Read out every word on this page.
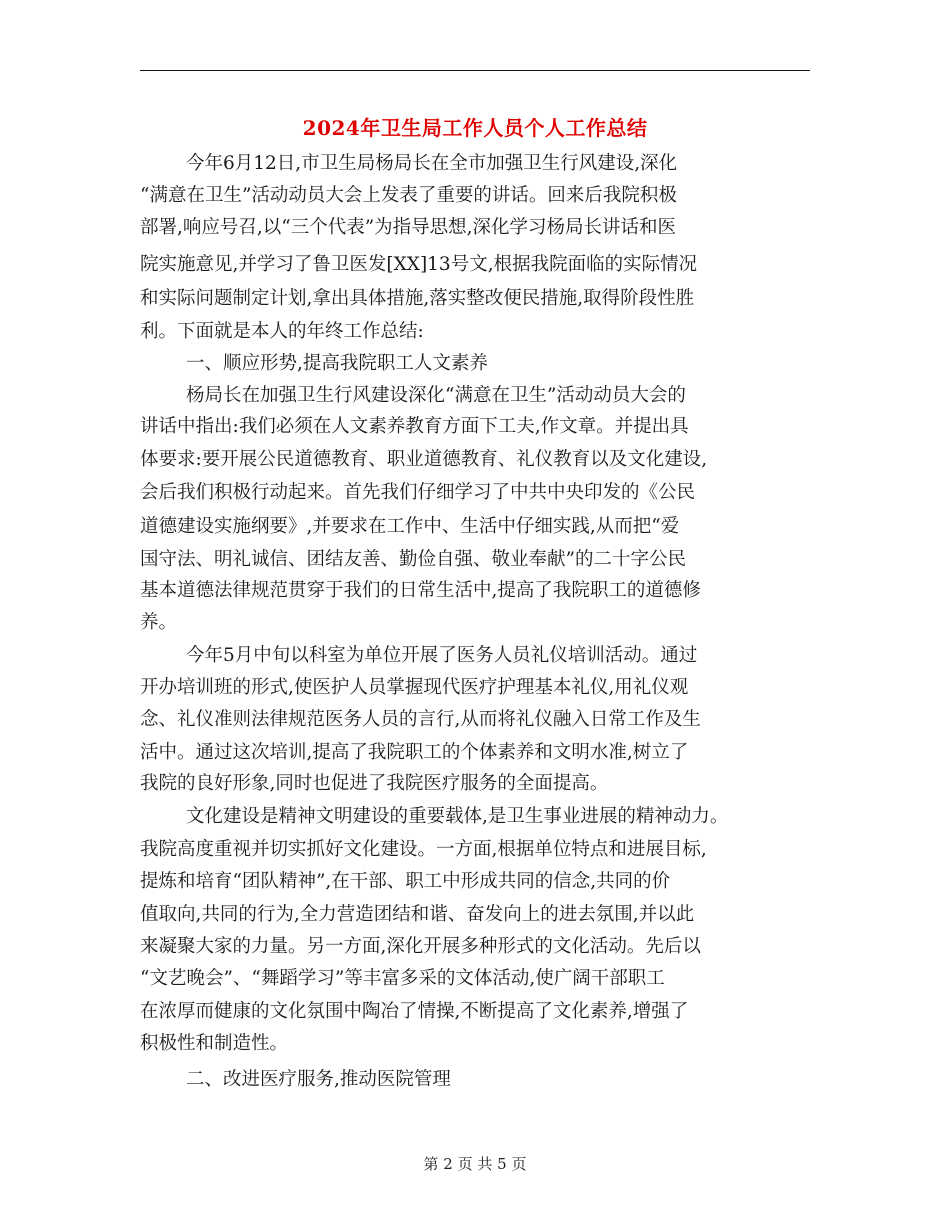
2024年卫生局工作人员个人工作总结
今年6月12日,市卫生局杨局长在全市加强卫生行风建设,深化
“满意在卫生”活动动员大会上发表了重要的讲话。回来后我院积极
部署,响应号召,以“三个代表”为指导思想,深化学习杨局长讲话和医
院实施意见,并学习了鲁卫医发[XX]13号文,根据我院面临的实际情况
和实际问题制定计划,拿出具体措施,落实整改便民措施,取得阶段性胜
利。下面就是本人的年终工作总结:
一、顺应形势,提高我院职工人文素养
杨局长在加强卫生行风建设深化“满意在卫生”活动动员大会的
讲话中指出:我们必须在人文素养教育方面下工夫,作文章。并提出具
体要求:要开展公民道德教育、职业道德教育、礼仪教育以及文化建设,
会后我们积极行动起来。首先我们仔细学习了中共中央印发的《公民
道德建设实施纲要》,并要求在工作中、生活中仔细实践,从而把“爱
国守法、明礼诚信、团结友善、勤俭自强、敬业奉献”的二十字公民
基本道德法律规范贯穿于我们的日常生活中,提高了我院职工的道德修
养。
今年5月中旬以科室为单位开展了医务人员礼仪培训活动。通过
开办培训班的形式,使医护人员掌握现代医疗护理基本礼仪,用礼仪观
念、礼仪准则法律规范医务人员的言行,从而将礼仪融入日常工作及生
活中。通过这次培训,提高了我院职工的个体素养和文明水准,树立了
我院的良好形象,同时也促进了我院医疗服务的全面提高。
文化建设是精神文明建设的重要载体,是卫生事业进展的精神动力。
我院高度重视并切实抓好文化建设。一方面,根据单位特点和进展目标,
提炼和培育“团队精神”,在干部、职工中形成共同的信念,共同的价
值取向,共同的行为,全力营造团结和谐、奋发向上的进去氛围,并以此
来凝聚大家的力量。另一方面,深化开展多种形式的文化活动。先后以
“文艺晚会”、“舞蹈学习”等丰富多采的文体活动,使广阔干部职工
在浓厚而健康的文化氛围中陶冶了情操,不断提高了文化素养,增强了
积极性和制造性。
二、改进医疗服务,推动医院管理
第 2 页 共 5 页
